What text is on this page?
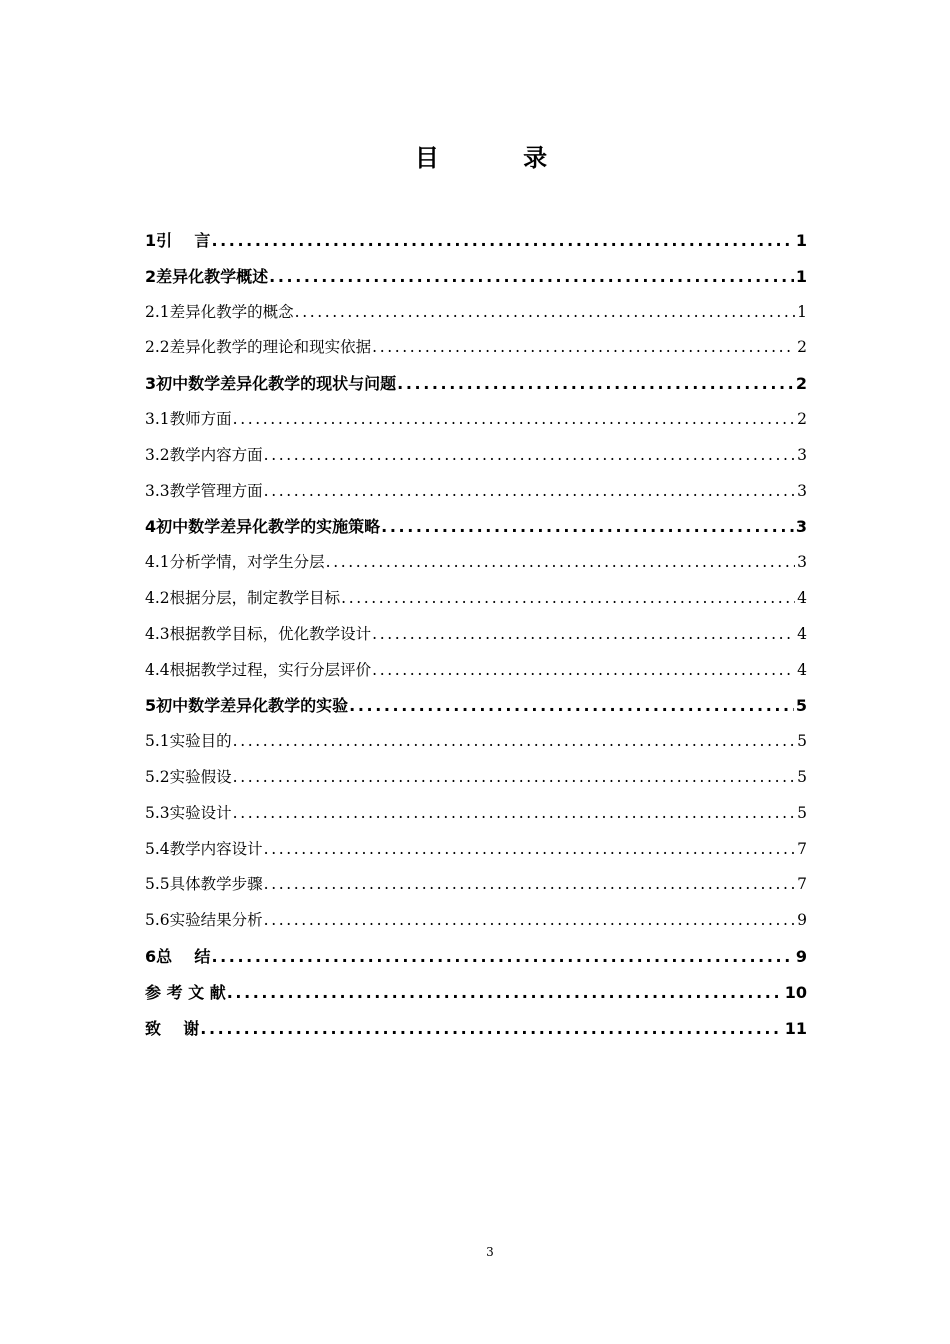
目 录
1 引    言 .....	1
2 差异化教学概述 .....	1
2.1 差异化教学的概念 .....	1
2.2 差异化教学的理论和现实依据 .....	2
3 初中数学差异化教学的现状与问题 .....	2
3.1 教师方面 .....	2
3.2 教学内容方面 .....	3
3.3 教学管理方面 .....	3
4 初中数学差异化教学的实施策略 .....	3
4.1 分析学情，对学生分层 .....	3
4.2 根据分层，制定教学目标 .....	4
4.3 根据教学目标，优化教学设计 .....	4
4.4 根据教学过程，实行分层评价 .....	4
5 初中数学差异化教学的实验 .....	5
5.1 实验目的 .....	5
5.2 实验假设 .....	5
5.3 实验设计 .....	5
5.4 教学内容设计 .....	7
5.5 具体教学步骤 .....	7
5.6 实验结果分析 .....	9
6 总    结 .....	9
参 考 文 献 .....	10
致    谢 .....	11
3
